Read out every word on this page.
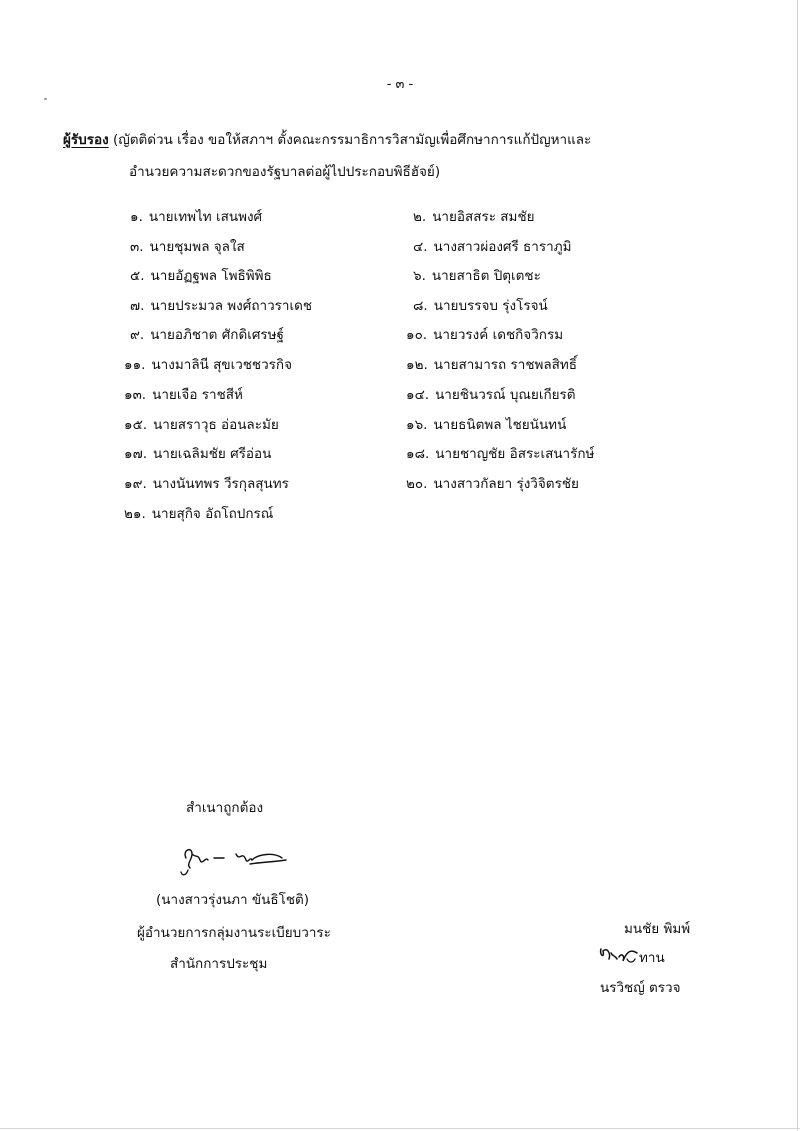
- ๓ -
ผู้รับรอง (ญัตติด่วน เรื่อง ขอให้สภาฯ ตั้งคณะกรรมาธิการวิสามัญเพื่อศึกษาการแก้ปัญหาและ
อำนวยความสะดวกของรัฐบาลต่อผู้ไปประกอบพิธีฮัจย์)
๑. นายเทพไท เสนพงศ์	๒. นายอิสสระ สมชัย
๓. นายชุมพล จุลใส	๔. นางสาวผ่องศรี ธาราภูมิ
๕. นายอัฏฐพล โพธิพิพิธ	๖. นายสาธิต ปิตุเตชะ
๗. นายประมวล พงศ์ถาวราเดช	๘. นายบรรจบ รุ่งโรจน์
๙. นายอภิชาต ศักดิเศรษฐ์	๑๐. นายวรงค์ เดชกิจวิกรม
๑๑. นางมาลินี สุขเวชชวรกิจ	๑๒. นายสามารถ ราชพลสิทธิ์
๑๓. นายเจือ ราชสีห์	๑๔. นายชินวรณ์ บุณยเกียรติ
๑๕. นายสราวุธ อ่อนละมัย	๑๖. นายธนิตพล ไชยนันทน์
๑๗. นายเฉลิมชัย ศรีอ่อน	๑๘. นายชาญชัย อิสระเสนารักษ์
๑๙. นางนันทพร วีรกุลสุนทร	๒๐. นางสาวกัลยา รุ่งวิจิตรชัย
๒๑. นายสุกิจ อัถโถปกรณ์
สำเนาถูกต้อง
(นางสาวรุ่งนภา ขันธิโชติ)
ผู้อำนวยการกลุ่มงานระเบียบวาระ
สำนักการประชุม
มนชัย พิมพ์
ทาน
นรวิชญ์ ตรวจ
